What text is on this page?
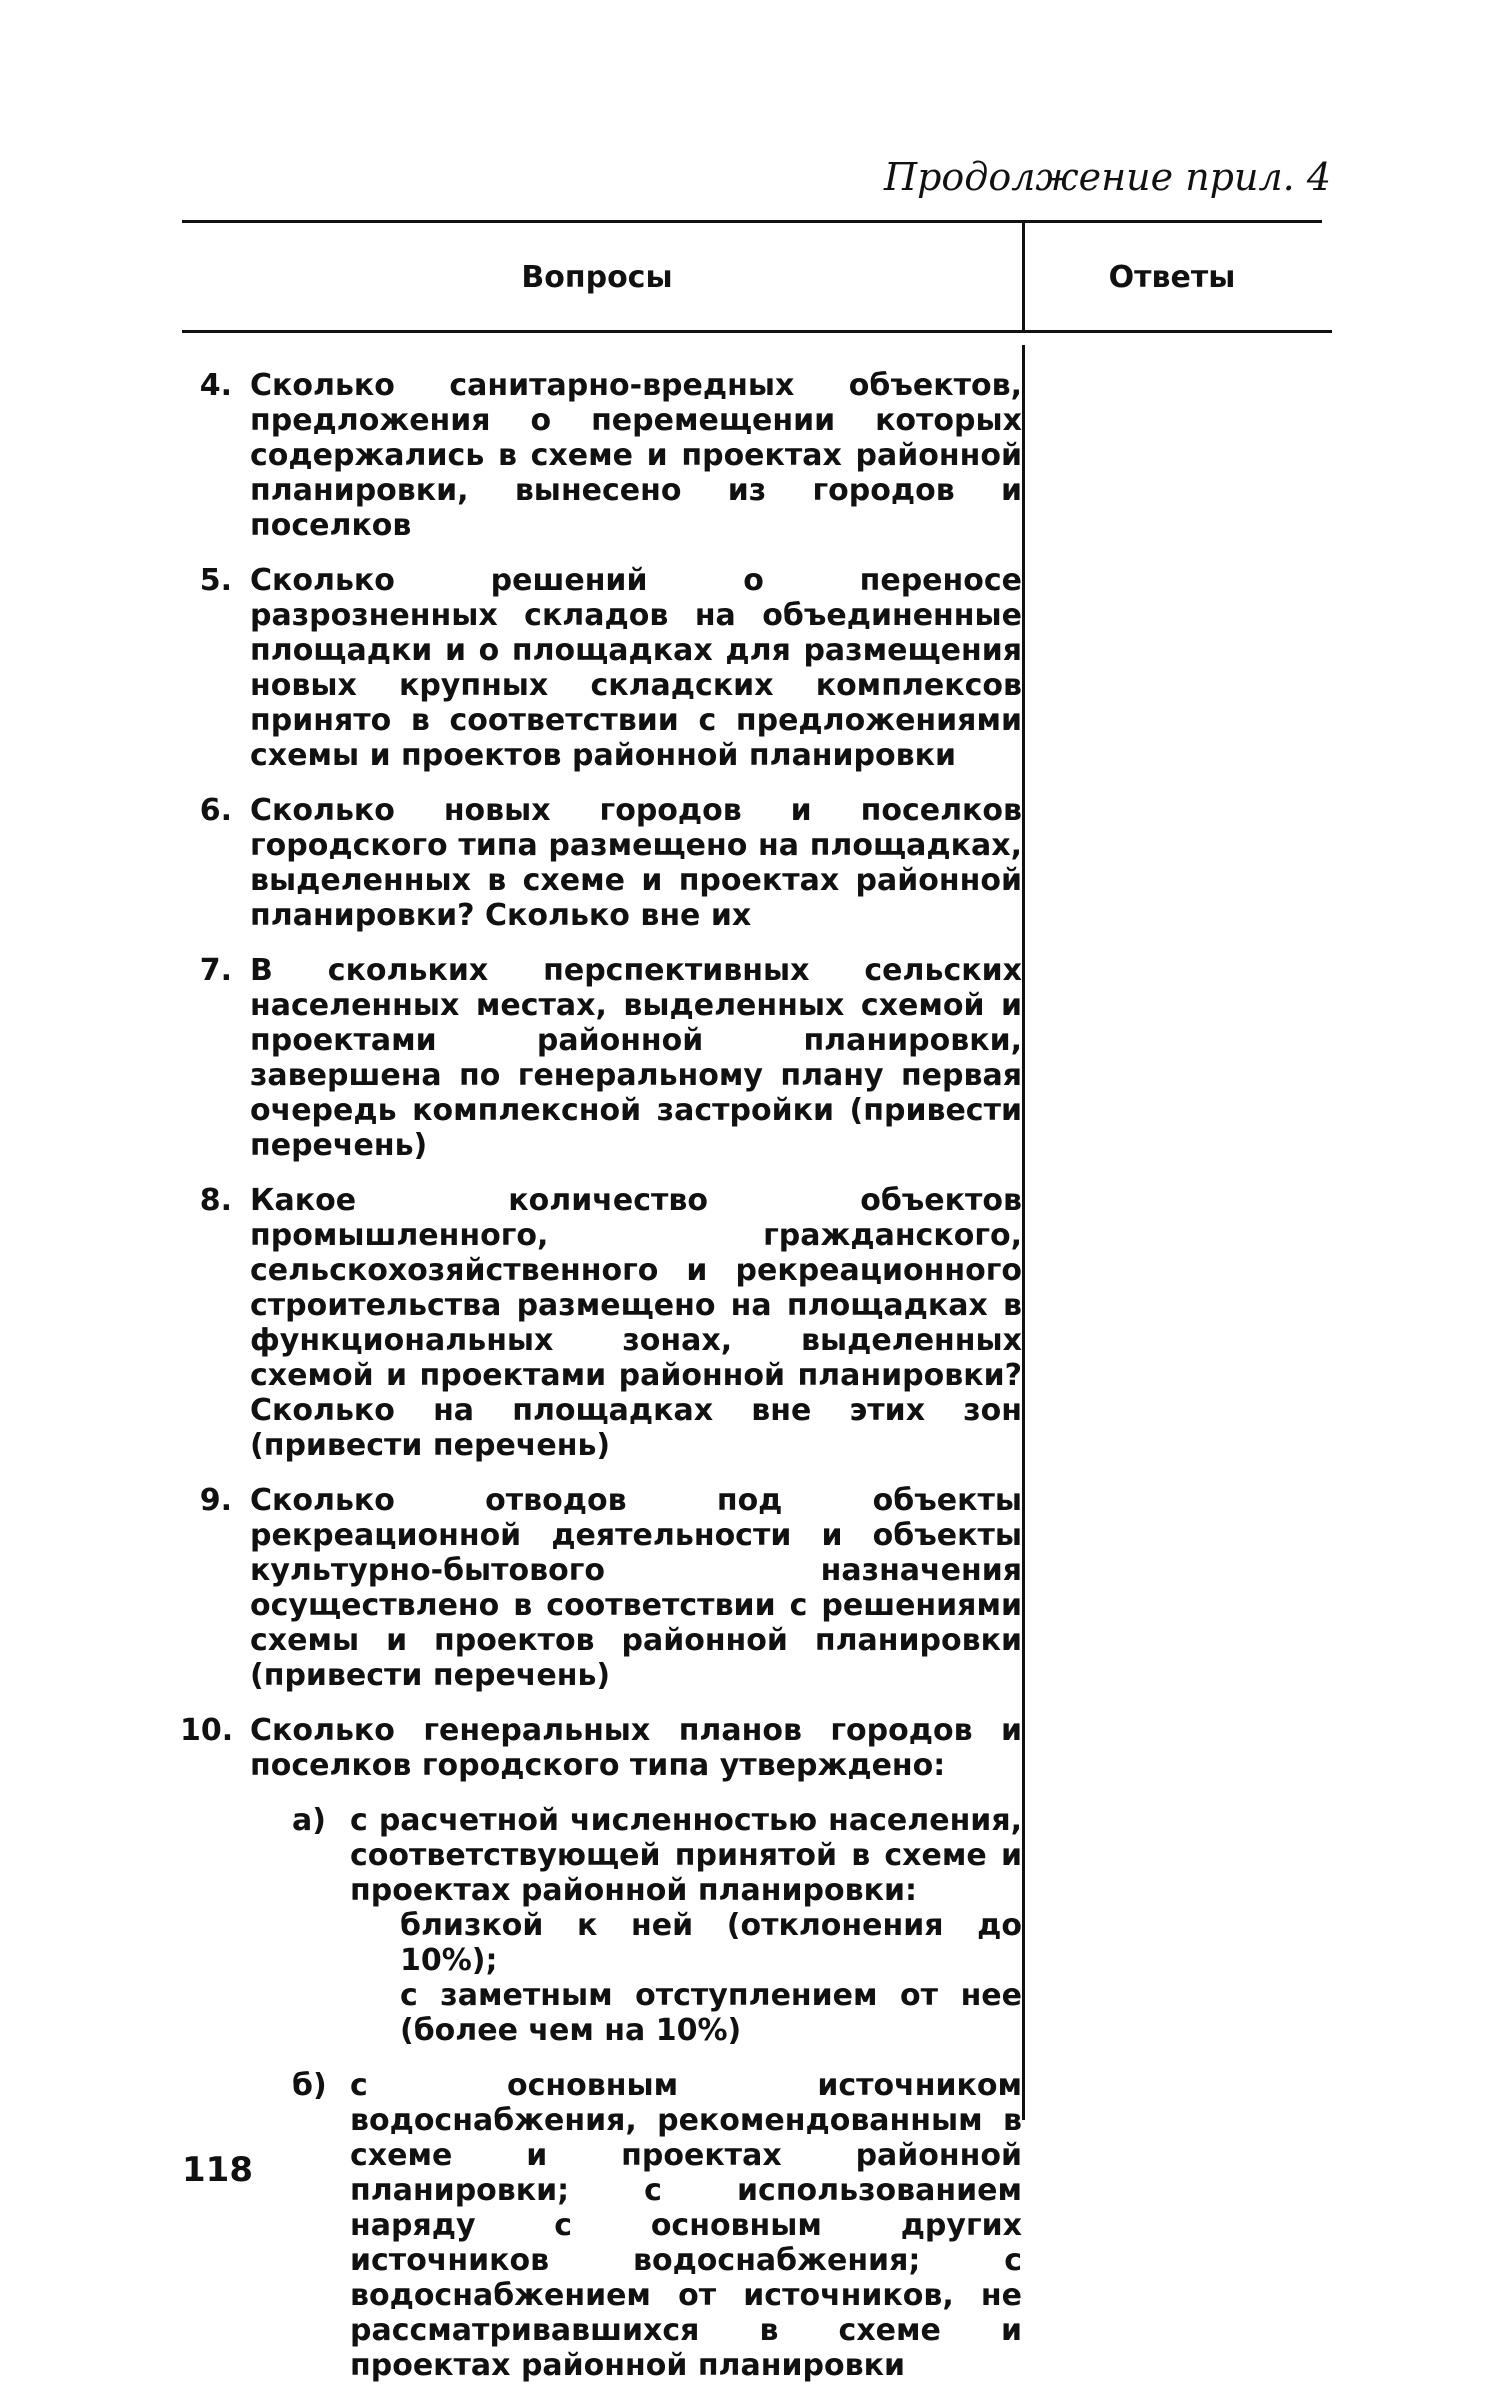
Продолжение прил. 4
Вопросы	Ответы
4. Сколько санитарно-вредных объектов, предложения о перемещении которых содержались в схеме и проектах районной планировки, вынесено из городов и поселков
5. Сколько решений о переносе разрозненных складов на объединенные площадки и о площадках для размещения новых крупных складских комплексов принято в соответствии с предложениями схемы и проектов районной планировки
6. Сколько новых городов и поселков городского типа размещено на площадках, выделенных в схеме и проектах районной планировки? Сколько вне их
7. В скольких перспективных сельских населенных местах, выделенных схемой и проектами районной планировки, завершена по генеральному плану первая очередь комплексной застройки (привести перечень)
8. Какое количество объектов промышленного, гражданского, сельскохозяйственного и рекреационного строительства размещено на площадках в функциональных зонах, выделенных схемой и проектами районной планировки? Сколько на площадках вне этих зон (привести перечень)
9. Сколько отводов под объекты рекреационной деятельности и объекты культурно-бытового назначения осуществлено в соответствии с решениями схемы и проектов районной планировки (привести перечень)
10. Сколько генеральных планов городов и поселков городского типа утверждено:
а) с расчетной численностью населения, соответствующей принятой в схеме и проектах районной планировки:
близкой к ней (отклонения до 10%);
с заметным отступлением от нее (более чем на 10%)
б) с основным источником водоснабжения, рекомендованным в схеме и проектах районной планировки; с использованием наряду с основным других источников водоснабжения; с водоснабжением от источников, не рассматривавшихся в схеме и проектах районной планировки
118
